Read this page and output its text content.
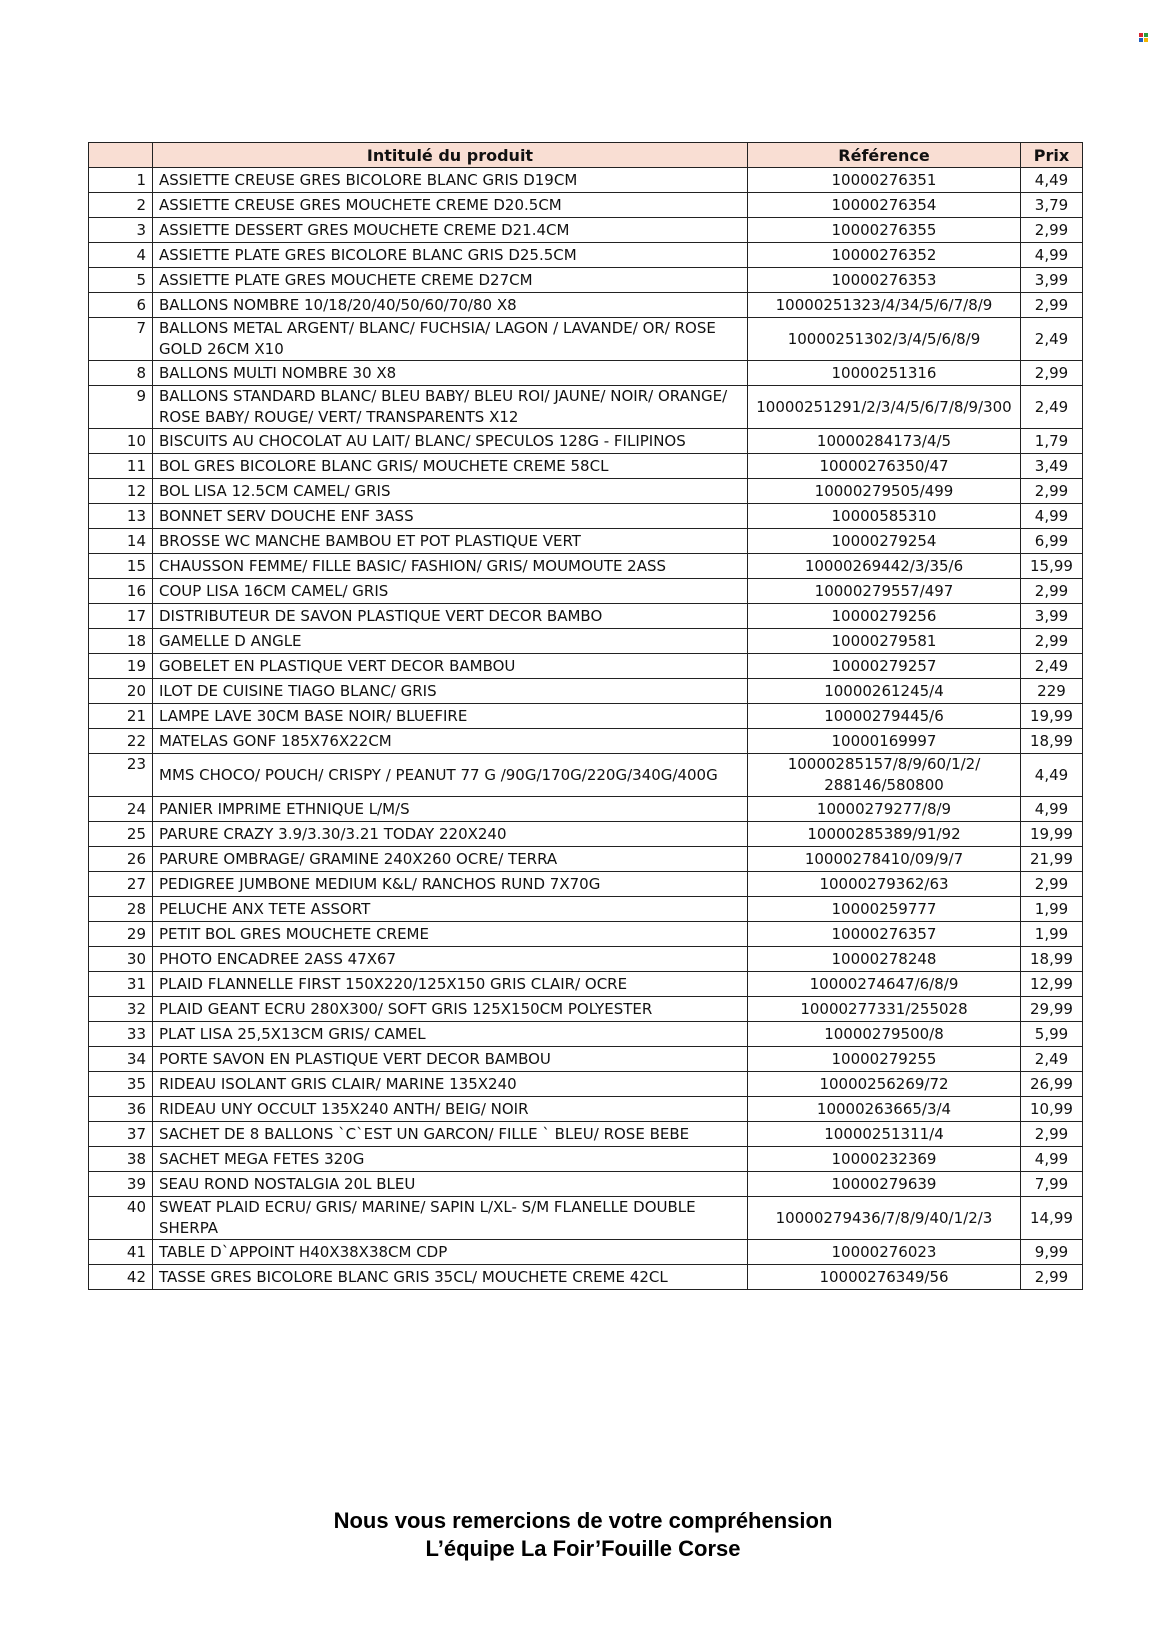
	Intitulé du produit	Référence	Prix
1	ASSIETTE CREUSE GRES BICOLORE BLANC GRIS D19CM	10000276351	4,49
2	ASSIETTE CREUSE GRES MOUCHETE CREME D20.5CM	10000276354	3,79
3	ASSIETTE DESSERT GRES MOUCHETE CREME D21.4CM	10000276355	2,99
4	ASSIETTE PLATE GRES BICOLORE BLANC GRIS D25.5CM	10000276352	4,99
5	ASSIETTE PLATE GRES MOUCHETE CREME D27CM	10000276353	3,99
6	BALLONS NOMBRE 10/18/20/40/50/60/70/80 X8	10000251323/4/34/5/6/7/8/9	2,99
7	BALLONS METAL ARGENT/ BLANC/ FUCHSIA/ LAGON / LAVANDE/ OR/ ROSE GOLD 26CM X10	10000251302/3/4/5/6/8/9	2,49
8	BALLONS MULTI NOMBRE 30 X8	10000251316	2,99
9	BALLONS STANDARD BLANC/ BLEU BABY/ BLEU ROI/ JAUNE/ NOIR/ ORANGE/ ROSE BABY/ ROUGE/ VERT/ TRANSPARENTS X12	10000251291/2/3/4/5/6/7/8/9/300	2,49
10	BISCUITS AU CHOCOLAT AU LAIT/ BLANC/ SPECULOS 128G - FILIPINOS	10000284173/4/5	1,79
11	BOL GRES BICOLORE BLANC GRIS/ MOUCHETE CREME 58CL	10000276350/47	3,49
12	BOL LISA 12.5CM CAMEL/ GRIS	10000279505/499	2,99
13	BONNET SERV DOUCHE ENF 3ASS	10000585310	4,99
14	BROSSE WC MANCHE BAMBOU ET POT PLASTIQUE VERT	10000279254	6,99
15	CHAUSSON FEMME/ FILLE BASIC/ FASHION/ GRIS/ MOUMOUTE 2ASS	10000269442/3/35/6	15,99
16	COUP LISA 16CM CAMEL/ GRIS	10000279557/497	2,99
17	DISTRIBUTEUR DE SAVON PLASTIQUE VERT DECOR BAMBO	10000279256	3,99
18	GAMELLE D ANGLE	10000279581	2,99
19	GOBELET EN PLASTIQUE VERT DECOR BAMBOU	10000279257	2,49
20	ILOT DE CUISINE TIAGO BLANC/ GRIS	10000261245/4	229
21	LAMPE LAVE 30CM BASE NOIR/ BLUEFIRE	10000279445/6	19,99
22	MATELAS GONF 185X76X22CM	10000169997	18,99
23	MMS CHOCO/ POUCH/ CRISPY / PEANUT 77 G /90G/170G/220G/340G/400G	10000285157/8/9/60/1/2/ 288146/580800	4,49
24	PANIER IMPRIME ETHNIQUE L/M/S	10000279277/8/9	4,99
25	PARURE CRAZY 3.9/3.30/3.21 TODAY 220X240	10000285389/91/92	19,99
26	PARURE OMBRAGE/ GRAMINE 240X260 OCRE/ TERRA	10000278410/09/9/7	21,99
27	PEDIGREE JUMBONE MEDIUM K&L/ RANCHOS RUND 7X70G	10000279362/63	2,99
28	PELUCHE ANX TETE ASSORT	10000259777	1,99
29	PETIT BOL GRES MOUCHETE CREME	10000276357	1,99
30	PHOTO ENCADREE 2ASS 47X67	10000278248	18,99
31	PLAID FLANNELLE FIRST 150X220/125X150 GRIS CLAIR/ OCRE	10000274647/6/8/9	12,99
32	PLAID GEANT ECRU 280X300/ SOFT GRIS 125X150CM POLYESTER	10000277331/255028	29,99
33	PLAT LISA 25,5X13CM GRIS/ CAMEL	10000279500/8	5,99
34	PORTE SAVON EN PLASTIQUE VERT DECOR BAMBOU	10000279255	2,49
35	RIDEAU ISOLANT GRIS CLAIR/ MARINE 135X240	10000256269/72	26,99
36	RIDEAU UNY OCCULT 135X240 ANTH/ BEIG/ NOIR	10000263665/3/4	10,99
37	SACHET DE 8 BALLONS `C`EST UN GARCON/ FILLE ` BLEU/ ROSE BEBE	10000251311/4	2,99
38	SACHET MEGA FETES 320G	10000232369	4,99
39	SEAU ROND NOSTALGIA 20L BLEU	10000279639	7,99
40	SWEAT PLAID ECRU/ GRIS/ MARINE/ SAPIN L/XL- S/M FLANELLE DOUBLE SHERPA	10000279436/7/8/9/40/1/2/3	14,99
41	TABLE D`APPOINT H40X38X38CM CDP	10000276023	9,99
42	TASSE GRES BICOLORE BLANC GRIS 35CL/ MOUCHETE CREME 42CL	10000276349/56	2,99
Nous vous remercions de votre compréhension
L’équipe La Foir’Fouille Corse
